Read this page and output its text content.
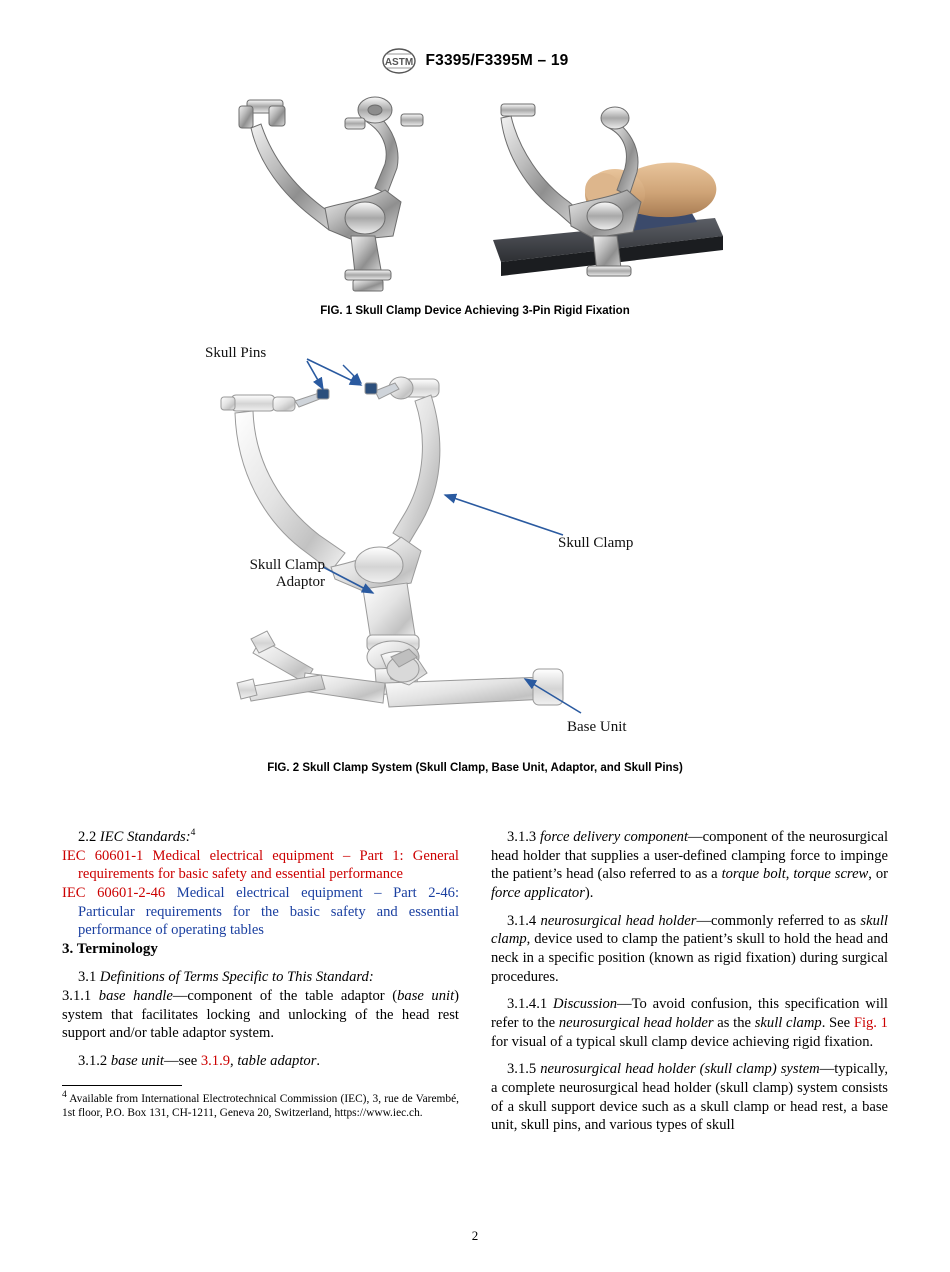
ASTM F3395/F3395M – 19
FIG. 1 Skull Clamp Device Achieving 3-Pin Rigid Fixation
Skull Pins
Skull Clamp
Skull Clamp
Adaptor
Base Unit
FIG. 2 Skull Clamp System (Skull Clamp, Base Unit, Adaptor, and Skull Pins)

2.2 IEC Standards:$^4$

IEC 60601-1 Medical electrical equipment – Part 1: General requirements for basic safety and essential performance

IEC 60601-2-46 Medical electrical equipment – Part 2-46: Particular requirements for the basic safety and essential performance of operating tables

3. Terminology

3.1 Definitions of Terms Specific to This Standard:

3.1.1 base handle—component of the table adaptor (base unit) system that facilitates locking and unlocking of the head rest support and/or table adaptor system.

3.1.2 base unit—see 3.1.9, table adaptor.

$^4$ Available from International Electrotechnical Commission (IEC), 3, rue de Varembé, 1st floor, P.O. Box 131, CH-1211, Geneva 20, Switzerland, https://www.iec.ch.

3.1.3 force delivery component—component of the neurosurgical head holder that supplies a user-defined clamping force to impinge the patient’s head (also referred to as a torque bolt, torque screw, or force applicator).

3.1.4 neurosurgical head holder—commonly referred to as skull clamp, device used to clamp the patient’s skull to hold the head and neck in a specific position (known as rigid fixation) during surgical procedures.

3.1.4.1 Discussion—To avoid confusion, this specification will refer to the neurosurgical head holder as the skull clamp. See Fig. 1 for visual of a typical skull clamp device achieving rigid fixation.

3.1.5 neurosurgical head holder (skull clamp) system—typically, a complete neurosurgical head holder (skull clamp) system consists of a skull support device such as a skull clamp or head rest, a base unit, skull pins, and various types of skull

2
